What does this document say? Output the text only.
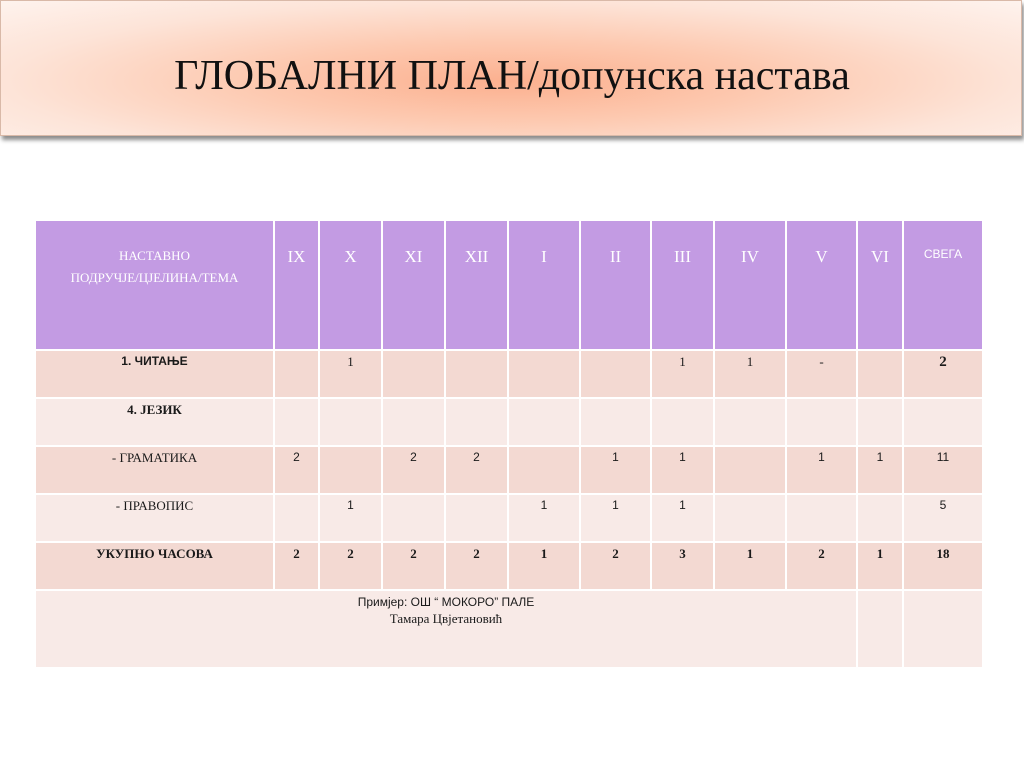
ГЛОБАЛНИ ПЛАН/допунска настава
НАСТАВНО
ПОДРУЧЈЕ/ЦЈЕЛИНА/ТЕМА	IX	X	XI	XII	I	II	III	IV	V	VI	СВЕГА
1. ЧИТАЊЕ		1					1	1	-		2
4. ЈЕЗИК											
- ГРАМАТИКА	2		2	2		1	1		1	1	11
- ПРАВОПИС		1			1	1	1				5
УКУПНО ЧАСОВА	2	2	2	2	1	2	3	1	2	1	18

Примјер: ОШ “ МОКОРО” ПАЛЕ
Тамара Цвјетановић											
